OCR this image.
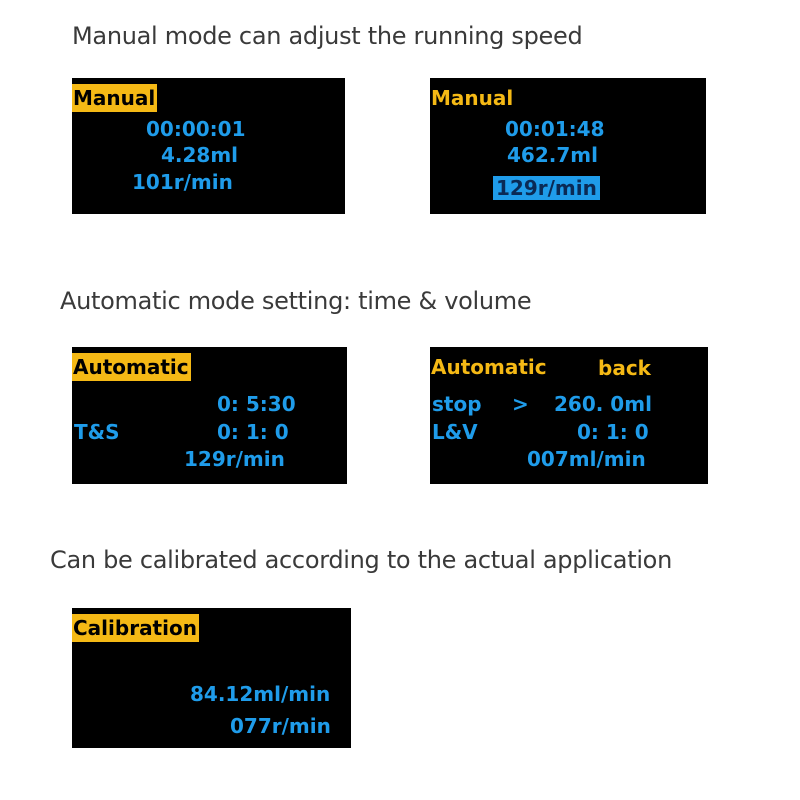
Manual mode can adjust the running speed
Manual
00:00:01
4.28ml
101r/min
Manual
00:01:48
462.7ml
129r/min
Automatic mode setting: time & volume
Automatic
0: 5:30
T&S	0: 1: 0
129r/min
Automatic	back
stop > 260. 0ml
L&V	0: 1: 0
007ml/min
Can be calibrated according to the actual application
Calibration
84.12ml/min
077r/min
